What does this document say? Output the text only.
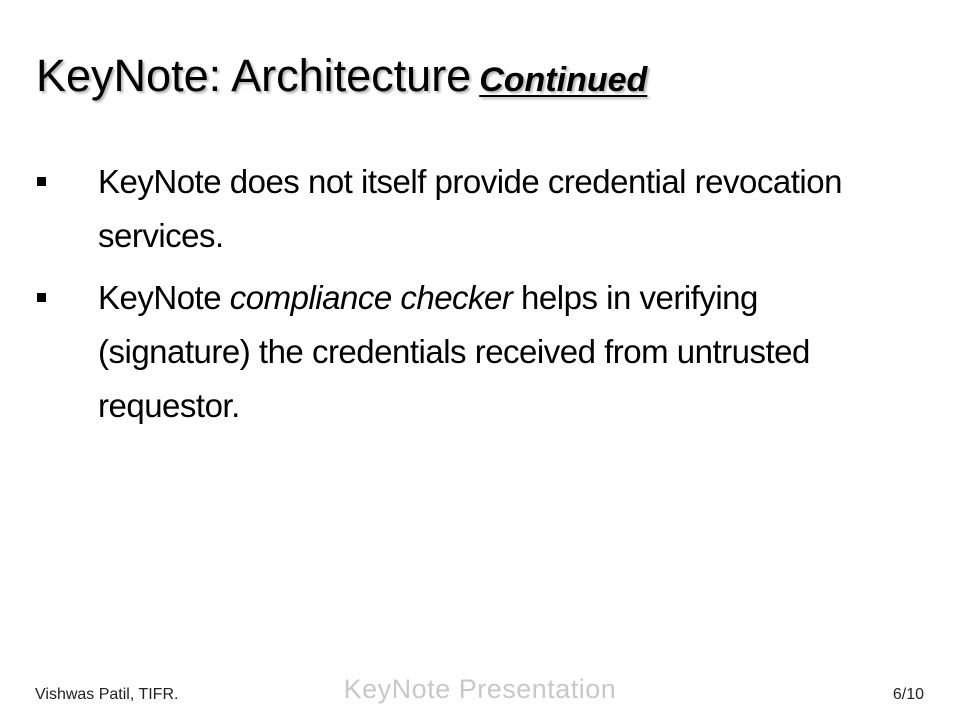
KeyNote: Architecture Continued
KeyNote does not itself provide credential revocation services.
KeyNote compliance checker helps in verifying (signature) the credentials received from untrusted requestor.
Vishwas Patil, TIFR.	KeyNote Presentation	6/10
